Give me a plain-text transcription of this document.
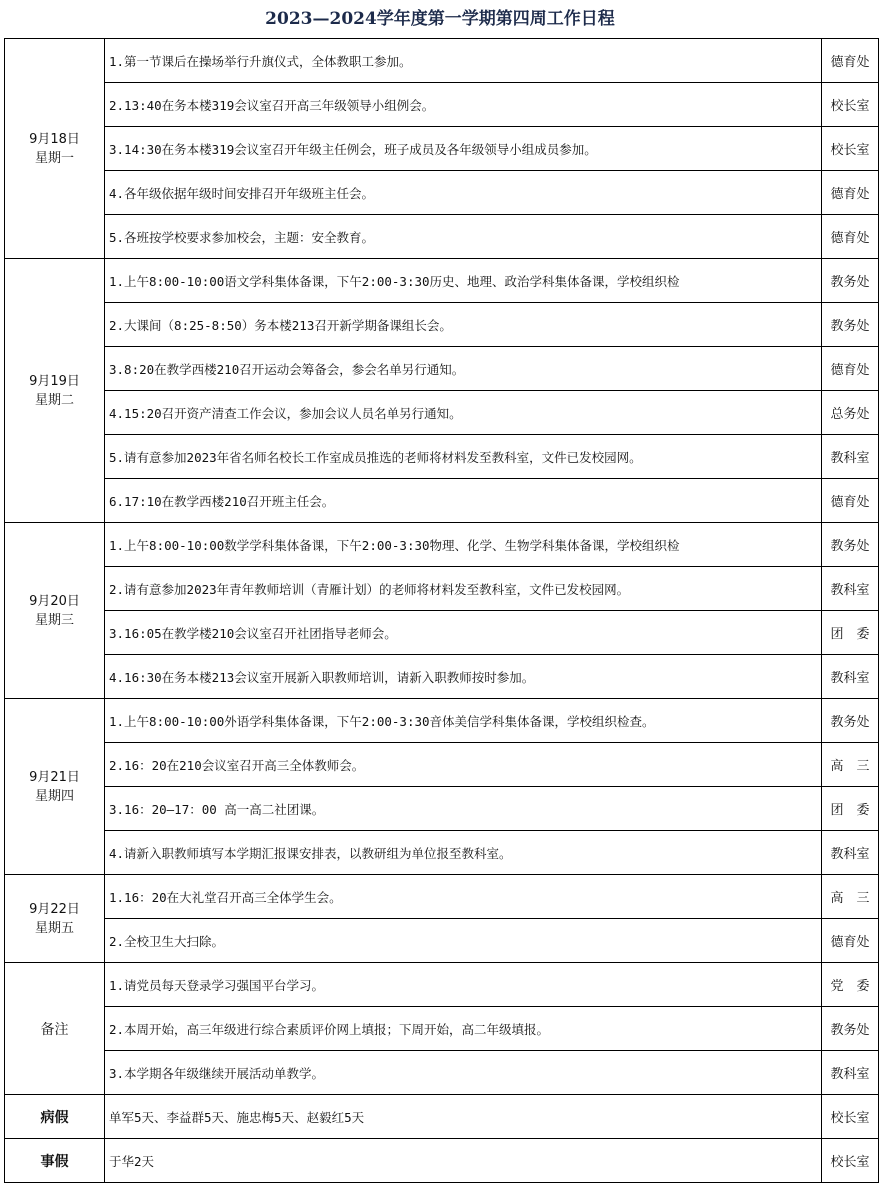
2023—2024学年度第一学期第四周工作日程
9月18日
星期一	1.第一节课后在操场举行升旗仪式，全体教职工参加。	德育处
	2.13:40在务本楼319会议室召开高三年级领导小组例会。	校长室
	3.14:30在务本楼319会议室召开年级主任例会，班子成员及各年级领导小组成员参加。	校长室
	4.各年级依据年级时间安排召开年级班主任会。	德育处
	5.各班按学校要求参加校会，主题：安全教育。	德育处

9月19日
星期二	1.上午8:00-10:00语文学科集体备课，下午2:00-3:30历史、地理、政治学科集体备课，学校组织检	教务处
	2.大课间（8:25-8:50）务本楼213召开新学期备课组长会。	教务处
	3.8:20在教学西楼210召开运动会筹备会，参会名单另行通知。	德育处
	4.15:20召开资产清查工作会议，参加会议人员名单另行通知。	总务处
	5.请有意参加2023年省名师名校长工作室成员推选的老师将材料发至教科室，文件已发校园网。	教科室
	6.17:10在教学西楼210召开班主任会。	德育处

9月20日
星期三	1.上午8:00-10:00数学学科集体备课，下午2:00-3:30物理、化学、生物学科集体备课，学校组织检	教务处
	2.请有意参加2023年青年教师培训（青雁计划）的老师将材料发至教科室，文件已发校园网。	教科室
	3.16:05在教学楼210会议室召开社团指导老师会。	团　委
	4.16:30在务本楼213会议室开展新入职教师培训，请新入职教师按时参加。	教科室

9月21日
星期四	1.上午8:00-10:00外语学科集体备课，下午2:00-3:30音体美信学科集体备课，学校组织检查。	教务处
	2.16：20在210会议室召开高三全体教师会。	高　三
	3.16：20—17：00 高一高二社团课。	团　委
	4.请新入职教师填写本学期汇报课安排表，以教研组为单位报至教科室。	教科室

9月22日
星期五	1.16：20在大礼堂召开高三全体学生会。	高　三
	2.全校卫生大扫除。	德育处
备注	1.请党员每天登录学习强国平台学习。	党　委
	2.本周开始，高三年级进行综合素质评价网上填报；下周开始，高二年级填报。	教务处
	3.本学期各年级继续开展活动单教学。	教科室
病假	单军5天、李益群5天、施忠梅5天、赵毅红5天	校长室
事假	于华2天	校长室
